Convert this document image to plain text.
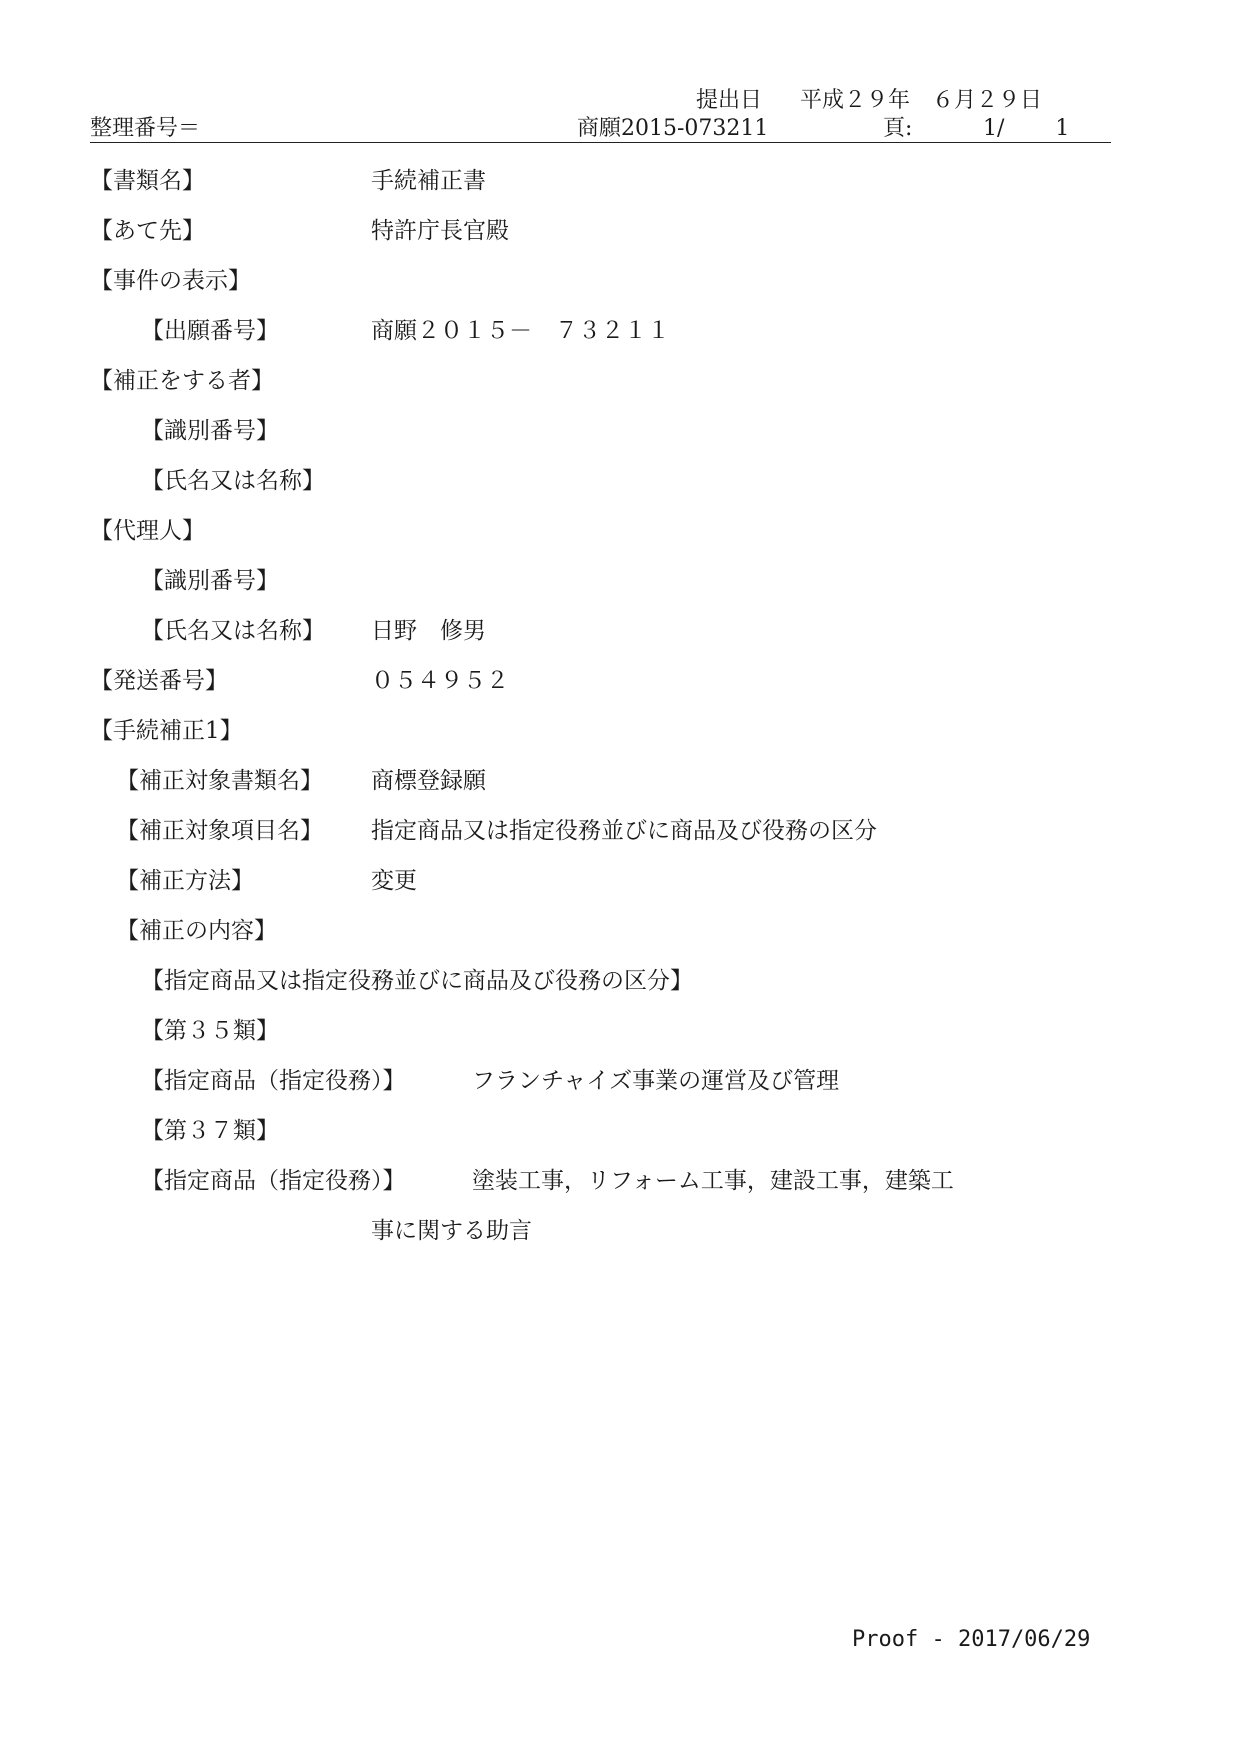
提出日 平成２９年　６月２９日
整理番号＝	商願2015-073211	頁:	1/　　 1
【書類名】	手続補正書
【あて先】	特許庁長官殿
【事件の表示】
【出願番号】	商願２０１５－　７３２１１
【補正をする者】
【識別番号】
【氏名又は名称】
【代理人】
【識別番号】
【氏名又は名称】 日野　修男
【発送番号】	０５４９５２
【手続補正1】
【補正対象書類名】 商標登録願
【補正対象項目名】 指定商品又は指定役務並びに商品及び役務の区分
【補正方法】	変更
【補正の内容】
【指定商品又は指定役務並びに商品及び役務の区分】
【第３５類】
【指定商品（指定役務）】	フランチャイズ事業の運営及び管理
【第３７類】
【指定商品（指定役務）】	塗装工事，リフォーム工事，建設工事，建築工
事に関する助言
Proof - 2017/06/29
